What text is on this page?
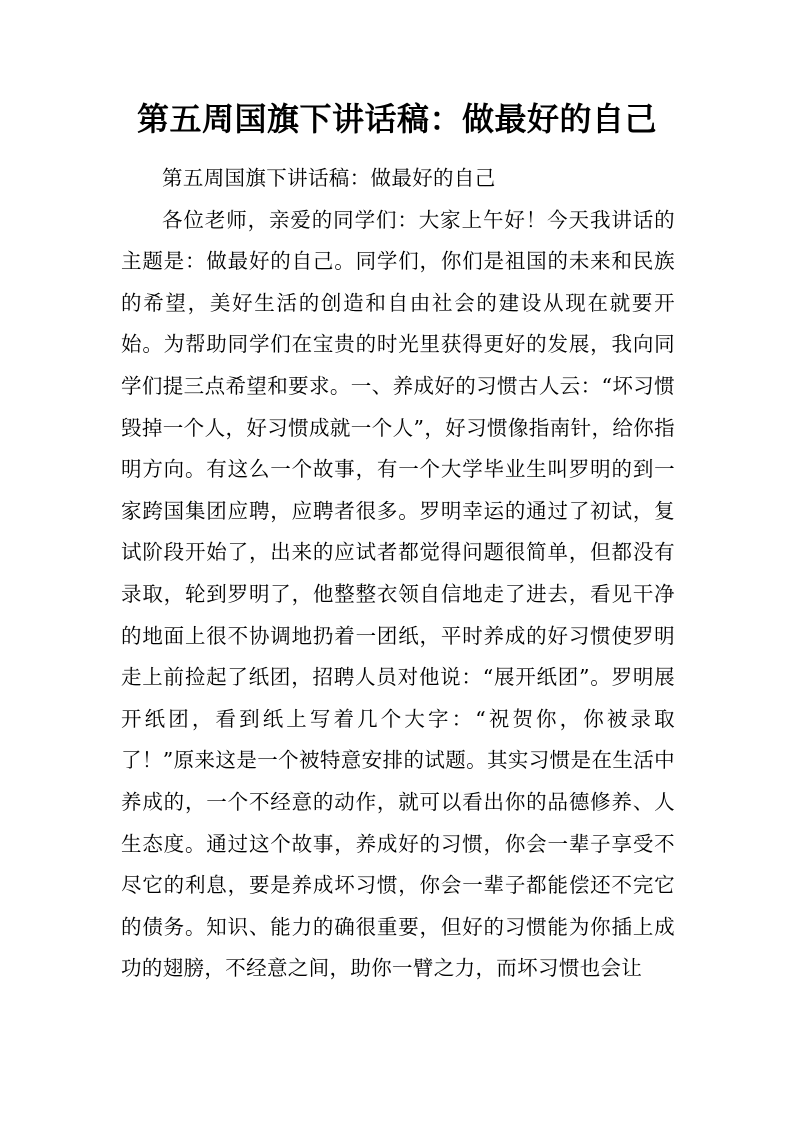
第五周国旗下讲话稿：做最好的自己

第五周国旗下讲话稿：做最好的自己

各位老师，亲爱的同学们：大家上午好！今天我讲话的主题是：做最好的自己。同学们，你们是祖国的未来和民族的希望，美好生活的创造和自由社会的建设从现在就要开始。为帮助同学们在宝贵的时光里获得更好的发展，我向同学们提三点希望和要求。一、养成好的习惯古人云：“坏习惯毁掉一个人，好习惯成就一个人”，好习惯像指南针，给你指明方向。有这么一个故事，有一个大学毕业生叫罗明的到一家跨国集团应聘，应聘者很多。罗明幸运的通过了初试，复试阶段开始了，出来的应试者都觉得问题很简单，但都没有录取，轮到罗明了，他整整衣领自信地走了进去，看见干净的地面上很不协调地扔着一团纸，平时养成的好习惯使罗明走上前捡起了纸团，招聘人员对他说：“展开纸团”。罗明展开纸团，看到纸上写着几个大字：“祝贺你，你被录取了！”原来这是一个被特意安排的试题。其实习惯是在生活中养成的，一个不经意的动作，就可以看出你的品德修养、人生态度。通过这个故事，养成好的习惯，你会一辈子享受不尽它的利息，要是养成坏习惯，你会一辈子都能偿还不完它的债务。知识、能力的确很重要，但好的习惯能为你插上成功的翅膀，不经意之间，助你一臂之力，而坏习惯也会让
